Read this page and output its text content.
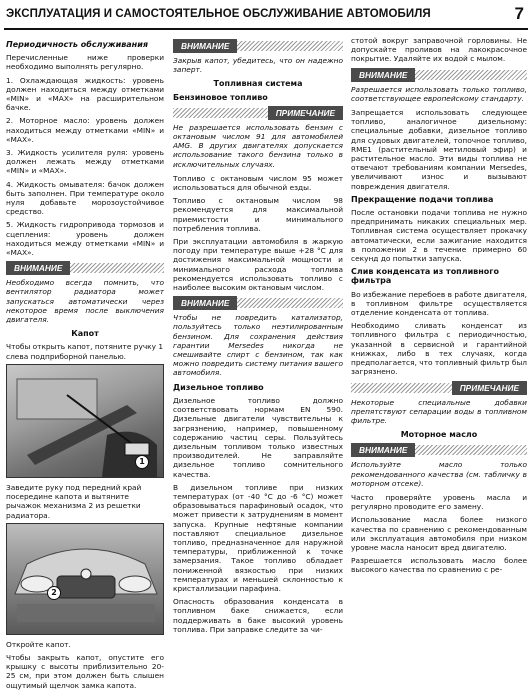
ЭКСПЛУАТАЦИЯ И САМОСТОЯТЕЛЬНОЕ ОБСЛУЖИВАНИЕ АВТОМОБИЛЯ	7
Периодичность обслуживания

Перечисленные ниже проверки необходимо выполнять регулярно.

1. Охлаждающая жидкость: уровень должен находиться между отметками «MIN» и «MAX» на расширительном бачке.

2. Моторное масло: уровень должен находиться между отметками «MIN» и «MAX».

3. Жидкость усилителя руля: уровень должен лежать между отметками «MIN» и «MAX».

4. Жидкость омывателя: бачок должен быть заполнен. При температуре около нуля добавьте морозоустойчивое средство.

5. Жидкость гидропривода тормозов и сцепления: уровень должен находиться между отметками «MIN» и «MAX».

ВНИМАНИЕ
Необходимо всегда помнить, что вентилятор радиатора может запускаться автоматически через некоторое время после выключения двигателя.
Капот

Чтобы открыть капот, потяните ручку 1 слева подприборной панелью.

1

Заведите руку под передний край посередине капота и вытяните рычажок механизма 2 из решетки радиатора.

2

Откройте капот.

Чтобы закрыть капот, опустите его крышку с высоты приблизительно 20-25 см, при этом должен быть слышен ощутимый щелчок замка капота.

ВНИМАНИЕ
Закрыв капот, убедитесь, что он надежно заперт.
Топливная система
Бензиновое топливо
ПРИМЕЧАНИЕ
Не разрешается использовать бензин с октановым числом 91 для автомобилей AMG. В других двигателях допускается использование такого бензина только в исключительных случаях.

Топливо с октановым числом 95 может использоваться для обычной езды.

Топливо с октановым числом 98 рекомендуется для максимальной приемистости и минимального потребления топлива.

При эксплуатации автомобиля в жаркую погоду при температуре выше +28 °С для достижения максимальной мощности и минимального расхода топлива рекомендуется использовать топливо с наиболее высоким октановым числом.

ВНИМАНИЕ
Чтобы не повредить катализатор, пользуйтесь только неэтилированным бензином. Для сохранения действия гарантии Mersedes никогда не смешивайте спирт с бензином, так как можно повредить систему питания вашего автомобиля.
Дизельное топливо

Дизельное топливо должно соответствовать нормам EN 590. Дизельные двигатели чувствительны к загрязнению, например, повышенному содержанию частиц серы. Пользуйтесь дизельным топливом только известных производителей. Не заправляйте дизельное топливо сомнительного качества.

В дизельном топливе при низких температурах (от -40 °С до -6 °С) может образовываться парафиновый осадок, что может привести к затруднениям в момент запуска. Крупные нефтяные компании поставляют специальное дизельное топливо, предназначенное для наружной температуры, приближенной к точке замерзания. Такое топливо обладает пониженной вязкостью при низких температурах и меньшей склонностью к кристаллизации парафина.

Опасность образования конденсата в топливном баке снижается, если поддерживать в баке высокий уровень топлива. При заправке следите за чи-

стотой вокруг заправочной горловины. Не допускайте проливов на лакокрасочное покрытие. Удаляйте их водой с мылом.

ВНИМАНИЕ
Разрешается использовать только топливо, соответствующее европейскому стандарту.

Запрещается использовать следующее топливо, аналогичное дизельному: специальные добавки, дизельное топливо для судовых двигателей, топочное топливо, RME1 (растительный метиловый эфир) и растительное масло. Эти виды топлива не отвечают требованиям компании Mersedes, увеличивают износ и вызывают повреждения двигателя.

Прекращение подачи топлива

После остановки подачи топлива не нужно предпринимать никаких специальных мер. Топливная система осуществляет прокачку автоматически, если зажигание находится в положении 2 в течение примерно 60 секунд до попытки запуска.

Слив конденсата из топливного фильтра

Во избежание перебоев в работе двигателя, в топливном фильтре осуществляется отделение конденсата от топлива.

Необходимо сливать конденсат из топливного фильтра с периодичностью, указанной в сервисной и гарантийной книжках, либо в тех случаях, когда предполагается, что топливный фильтр был загрязнено.

ПРИМЕЧАНИЕ
Некоторые специальные добавки препятствуют сепарации воды в топливном фильтре.
Моторное масло
ВНИМАНИЕ
Используйте масло только рекомендованного качества (см. табличку в моторном отсеке).

Часто проверяйте уровень масла и регулярно проводите его замену.

Использование масла более низкого качества по сравнению с рекомендованным или эксплуатация автомобиля при низком уровне масла наносит вред двигателю.

Разрешается использовать масло более высокого качества по сравнению с ре-
